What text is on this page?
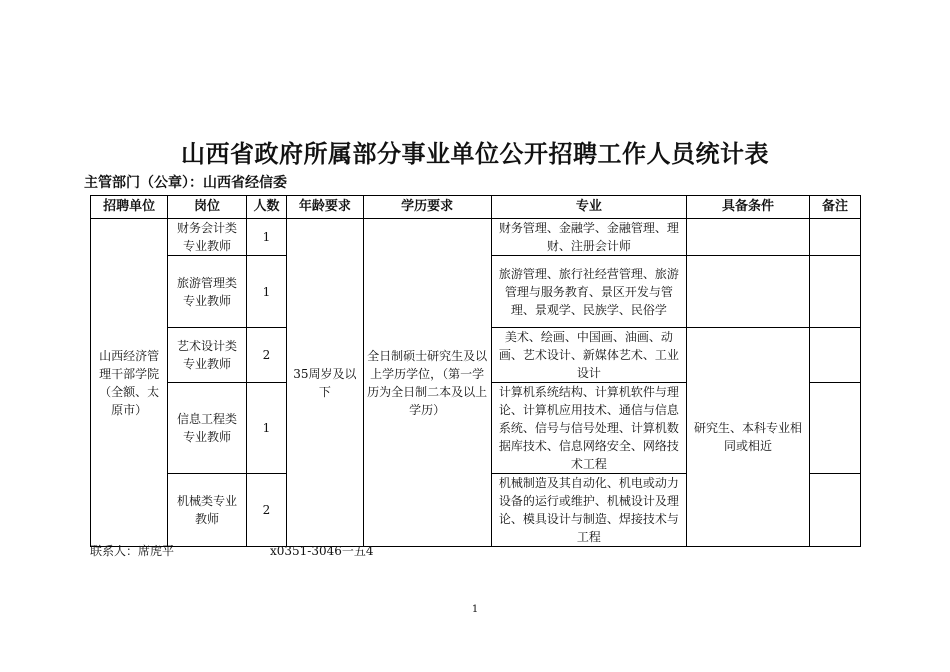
山西省政府所属部分事业单位公开招聘工作人员统计表
主管部门（公章）：山西省经信委
招聘单位	岗位	人数	年龄要求	学历要求	专业	具备条件	备注
山西经济管理干部学院（全额、太原市）	财务会计类专业教师	1	35周岁及以下	全日制硕士研究生及以上学历学位，（第一学历为全日制二本及以上学历）	财务管理、金融学、金融管理、理财、注册会计师		
	旅游管理类专业教师	1			旅游管理、旅行社经营管理、旅游管理与服务教育、景区开发与管理、景观学、民族学、民俗学		
	艺术设计类专业教师	2			美术、绘画、中国画、油画、动画、艺术设计、新媒体艺术、工业设计	研究生、本科专业相同或相近	
	信息工程类专业教师	1			计算机系统结构、计算机软件与理论、计算机应用技术、通信与信息系统、信号与信号处理、计算机数据库技术、信息网络安全、网络技术工程		
	机械类专业教师	2			机械制造及其自动化、机电或动力设备的运行或维护、机械设计及理论、模具设计与制造、焊接技术与工程		
联系人：席虎平	x0351-3046一五4
1
